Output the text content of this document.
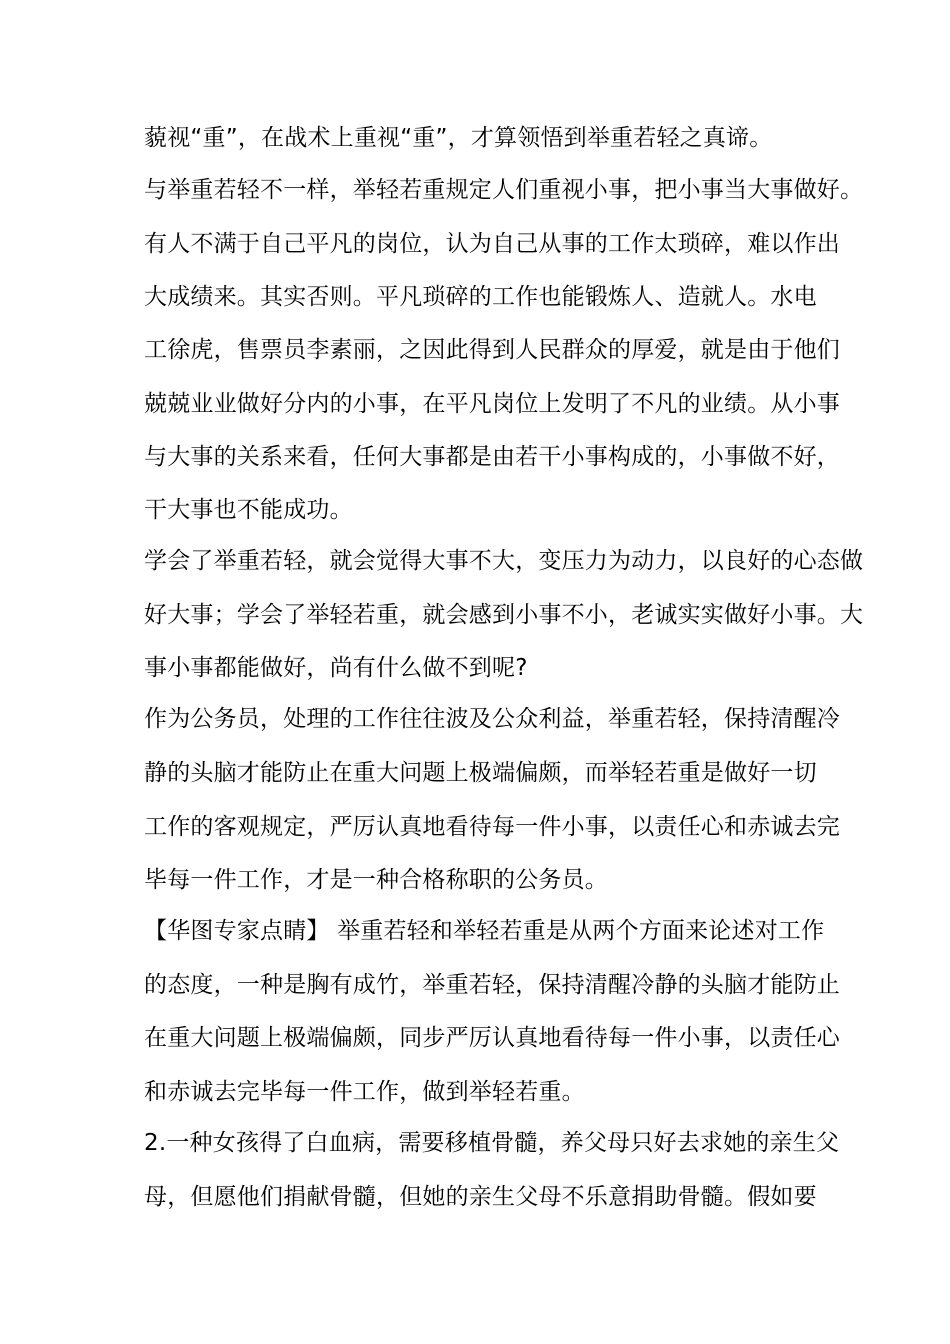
藐视“重”，在战术上重视“重”，才算领悟到举重若轻之真谛。
与举重若轻不一样，举轻若重规定人们重视小事，把小事当大事做好。
有人不满于自己平凡的岗位，认为自己从事的工作太琐碎，难以作出
大成绩来。其实否则。平凡琐碎的工作也能锻炼人、造就人。水电
工徐虎，售票员李素丽，之因此得到人民群众的厚爱，就是由于他们
兢兢业业做好分内的小事，在平凡岗位上发明了不凡的业绩。从小事
与大事的关系来看，任何大事都是由若干小事构成的，小事做不好，
干大事也不能成功。
学会了举重若轻，就会觉得大事不大，变压力为动力，以良好的心态做
好大事；学会了举轻若重，就会感到小事不小，老诚实实做好小事。大
事小事都能做好，尚有什么做不到呢?
作为公务员，处理的工作往往波及公众利益，举重若轻，保持清醒冷
静的头脑才能防止在重大问题上极端偏颇，而举轻若重是做好一切
工作的客观规定，严厉认真地看待每一件小事，以责任心和赤诚去完
毕每一件工作，才是一种合格称职的公务员。
【华图专家点睛】 举重若轻和举轻若重是从两个方面来论述对工作
的态度，一种是胸有成竹，举重若轻，保持清醒冷静的头脑才能防止
在重大问题上极端偏颇，同步严厉认真地看待每一件小事，以责任心
和赤诚去完毕每一件工作，做到举轻若重。
2.一种女孩得了白血病，需要移植骨髓，养父母只好去求她的亲生父
母，但愿他们捐献骨髓，但她的亲生父母不乐意捐助骨髓。假如要
